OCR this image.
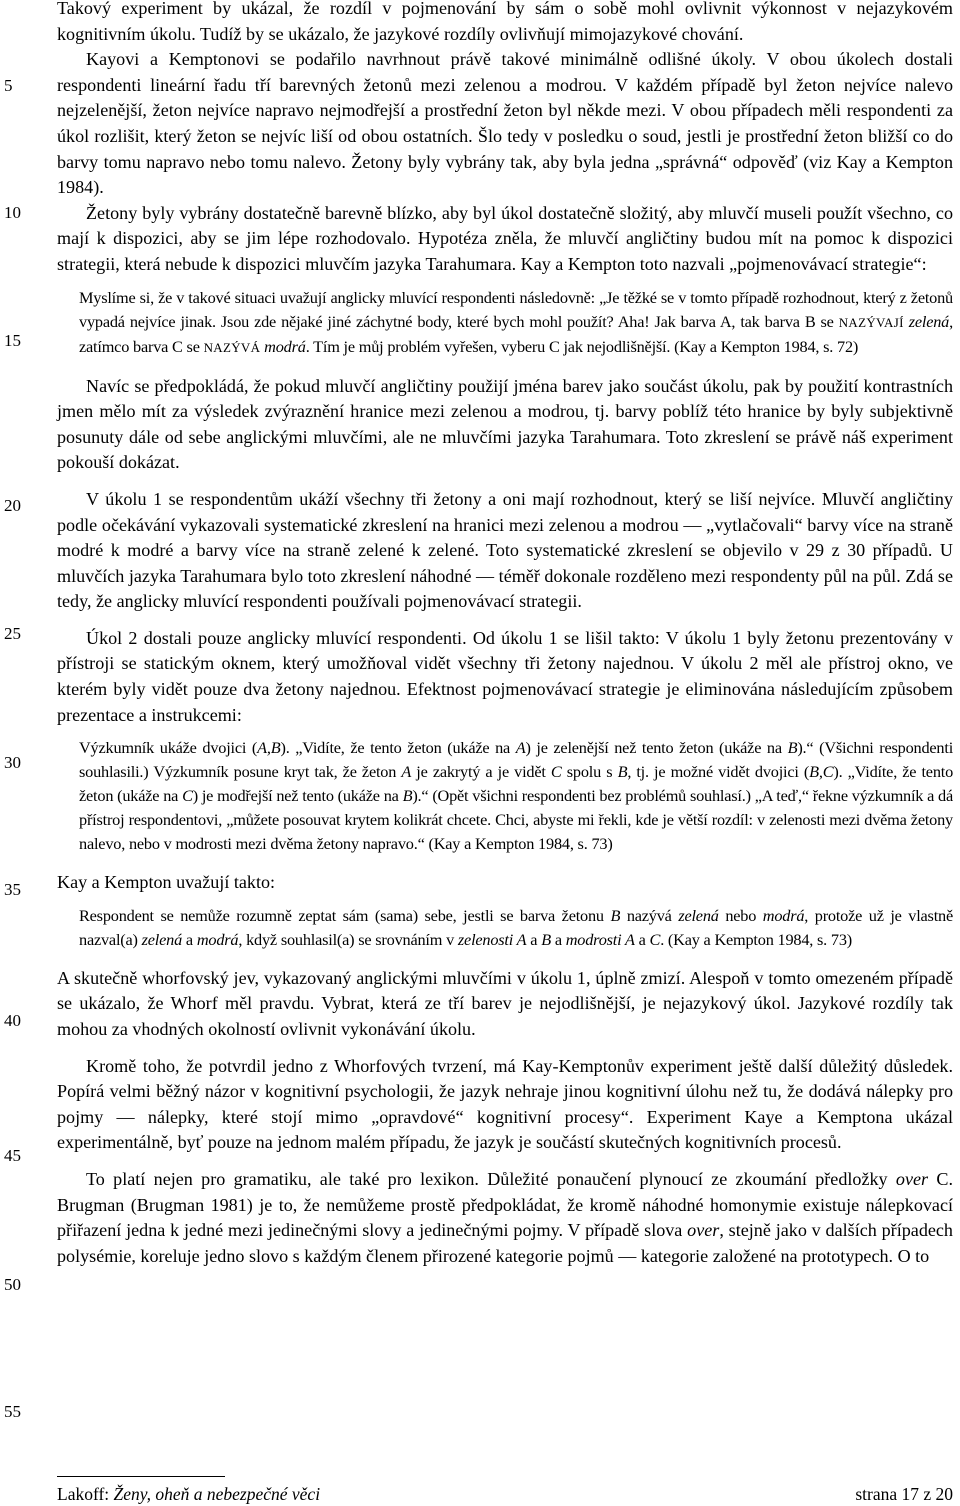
5
10
15
20
25
30
35
40
45
50
55

Takový experiment by ukázal, že rozdíl v pojmenování by sám o sobě mohl ovlivnit výkonnost v nejazykovém kognitivním úkolu. Tudíž by se ukázalo, že jazykové rozdíly ovlivňují mimojazykové chování.

Kayovi a Kemptonovi se podařilo navrhnout právě takové minimálně odlišné úkoly. V obou úkolech dostali respondenti lineární řadu tří barevných žetonů mezi zelenou a modrou. V každém případě byl žeton nejvíce nalevo nejzelenější, žeton nejvíce napravo nejmodřejší a prostřední žeton byl někde mezi. V obou případech měli respondenti za úkol rozlišit, který žeton se nejvíc liší od obou ostatních. Šlo tedy v posledku o soud, jestli je prostřední žeton bližší co do barvy tomu napravo nebo tomu nalevo. Žetony byly vybrány tak, aby byla jedna „správná“ odpověď (viz Kay a Kempton 1984).

Žetony byly vybrány dostatečně barevně blízko, aby byl úkol dostatečně složitý, aby mluvčí museli použít všechno, co mají k dispozici, aby se jim lépe rozhodovalo. Hypotéza zněla, že mluvčí angličtiny budou mít na pomoc k dispozici strategii, která nebude k dispozici mluvčím jazyka Tarahumara. Kay a Kempton toto nazvali „pojmenovávací strategie“:

Myslíme si, že v takové situaci uvažují anglicky mluvící respondenti následovně: „Je těžké se v tomto případě rozhodnout, který z žetonů vypadá nejvíce jinak. Jsou zde nějaké jiné záchytné body, které bych mohl použít? Aha! Jak barva A, tak barva B se NAZÝVAJÍ zelená, zatímco barva C se NAZÝVÁ modrá. Tím je můj problém vyřešen, vyberu C jak nejodlišnější. (Kay a Kempton 1984, s. 72)

Navíc se předpokládá, že pokud mluvčí angličtiny použijí jména barev jako součást úkolu, pak by použití kontrastních jmen mělo mít za výsledek zvýraznění hranice mezi zelenou a modrou, tj. barvy poblíž této hranice by byly subjektivně posunuty dále od sebe anglickými mluvčími, ale ne mluvčími jazyka Tarahumara. Toto zkreslení se právě náš experiment pokouší dokázat.

V úkolu 1 se respondentům ukáží všechny tři žetony a oni mají rozhodnout, který se liší nejvíce. Mluvčí angličtiny podle očekávání vykazovali systematické zkreslení na hranici mezi zelenou a modrou — „vytlačovali“ barvy více na straně modré k modré a barvy více na straně zelené k zelené. Toto systematické zkreslení se objevilo v 29 z 30 případů. U mluvčích jazyka Tarahumara bylo toto zkreslení náhodné — téměř dokonale rozděleno mezi respondenty půl na půl. Zdá se tedy, že anglicky mluvící respondenti používali pojmenovávací strategii.

Úkol 2 dostali pouze anglicky mluvící respondenti. Od úkolu 1 se lišil takto: V úkolu 1 byly žetonu prezentovány v přístroji se statickým oknem, který umožňoval vidět všechny tři žetony najednou. V úkolu 2 měl ale přístroj okno, ve kterém byly vidět pouze dva žetony najednou. Efektnost pojmenovávací strategie je eliminována následujícím způsobem prezentace a instrukcemi:

Výzkumník ukáže dvojici (A,B). „Vidíte, že tento žeton (ukáže na A) je zelenější než tento žeton (ukáže na B).“ (Všichni respondenti souhlasili.) Výzkumník posune kryt tak, že žeton A je zakrytý a je vidět C spolu s B, tj. je možné vidět dvojici (B,C). „Vidíte, že tento žeton (ukáže na C) je modřejší než tento (ukáže na B).“ (Opět všichni respondenti bez problémů souhlasí.) „A teď,“ řekne výzkumník a dá přístroj respondentovi, „můžete posouvat krytem kolikrát chcete. Chci, abyste mi řekli, kde je větší rozdíl: v zelenosti mezi dvěma žetony nalevo, nebo v modrosti mezi dvěma žetony napravo.“ (Kay a Kempton 1984, s. 73)

Kay a Kempton uvažují takto:

Respondent se nemůže rozumně zeptat sám (sama) sebe, jestli se barva žetonu B nazývá zelená nebo modrá, protože už je vlastně nazval(a) zelená a modrá, když souhlasil(a) se srovnáním v zelenosti A a B a modrosti A a C. (Kay a Kempton 1984, s. 73)

A skutečně whorfovský jev, vykazovaný anglickými mluvčími v úkolu 1, úplně zmizí. Alespoň v tomto omezeném případě se ukázalo, že Whorf měl pravdu. Vybrat, která ze tří barev je nejodlišnější, je nejazykový úkol. Jazykové rozdíly tak mohou za vhodných okolností ovlivnit vykonávání úkolu.

Kromě toho, že potvrdil jedno z Whorfových tvrzení, má Kay-Kemptonův experiment ještě další důležitý důsledek. Popírá velmi běžný názor v kognitivní psychologii, že jazyk nehraje jinou kognitivní úlohu než tu, že dodává nálepky pro pojmy — nálepky, které stojí mimo „opravdové“ kognitivní procesy“. Experiment Kaye a Kemptona ukázal experimentálně, byť pouze na jednom malém případu, že jazyk je součástí skutečných kognitivních procesů.

To platí nejen pro gramatiku, ale také pro lexikon. Důležité ponaučení plynoucí ze zkoumání předložky over C. Brugman (Brugman 1981) je to, že nemůžeme prostě předpokládat, že kromě náhodné homonymie existuje nálepkovací přiřazení jedna k jedné mezi jedinečnými slovy a jedinečnými pojmy. V případě slova over, stejně jako v dalších případech polysémie, koreluje jedno slovo s každým členem přirozené kategorie pojmů — kategorie založené na prototypech. O to

Lakoff: Ženy, oheň a nebezpečné věci	strana 17 z 20
